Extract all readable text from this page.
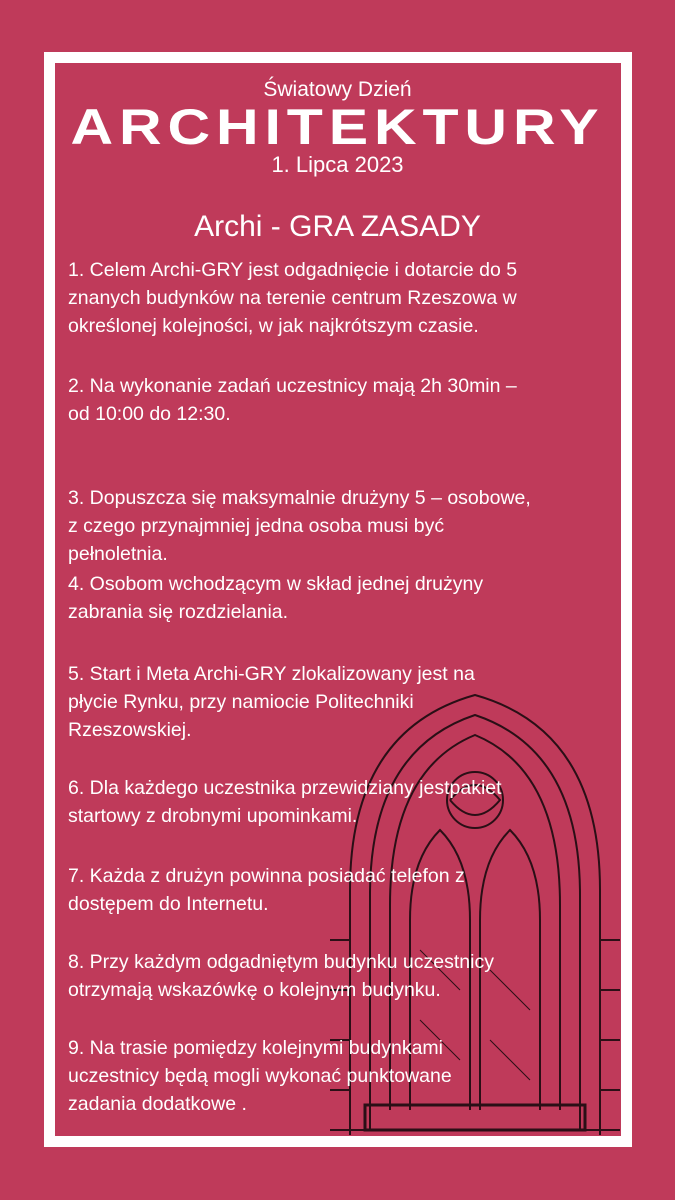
Światowy Dzień
ARCHITEKTURY
1. Lipca 2023
Archi - GRA ZASADY
1. Celem Archi-GRY jest odgadnięcie i dotarcie do 5
znanych budynków na terenie centrum Rzeszowa w
określonej kolejności, w jak najkrótszym czasie.
2. Na wykonanie zadań uczestnicy mają 2h 30min –
od 10:00 do 12:30.
3. Dopuszcza się maksymalnie drużyny 5 – osobowe,
z czego przynajmniej jedna osoba musi być
pełnoletnia.
4. Osobom wchodzącym w skład jednej drużyny
zabrania się rozdzielania.
5. Start i Meta Archi-GRY zlokalizowany jest na
płycie Rynku, przy namiocie Politechniki
Rzeszowskiej.
6. Dla każdego uczestnika przewidziany jestpakiet
startowy z drobnymi upominkami.
7. Każda z drużyn powinna posiadać telefon z
dostępem do Internetu.
8. Przy każdym odgadniętym budynku uczestnicy
otrzymają wskazówkę o kolejnym budynku.
9. Na trasie pomiędzy kolejnymi budynkami
uczestnicy będą mogli wykonać punktowane
zadania dodatkowe .
